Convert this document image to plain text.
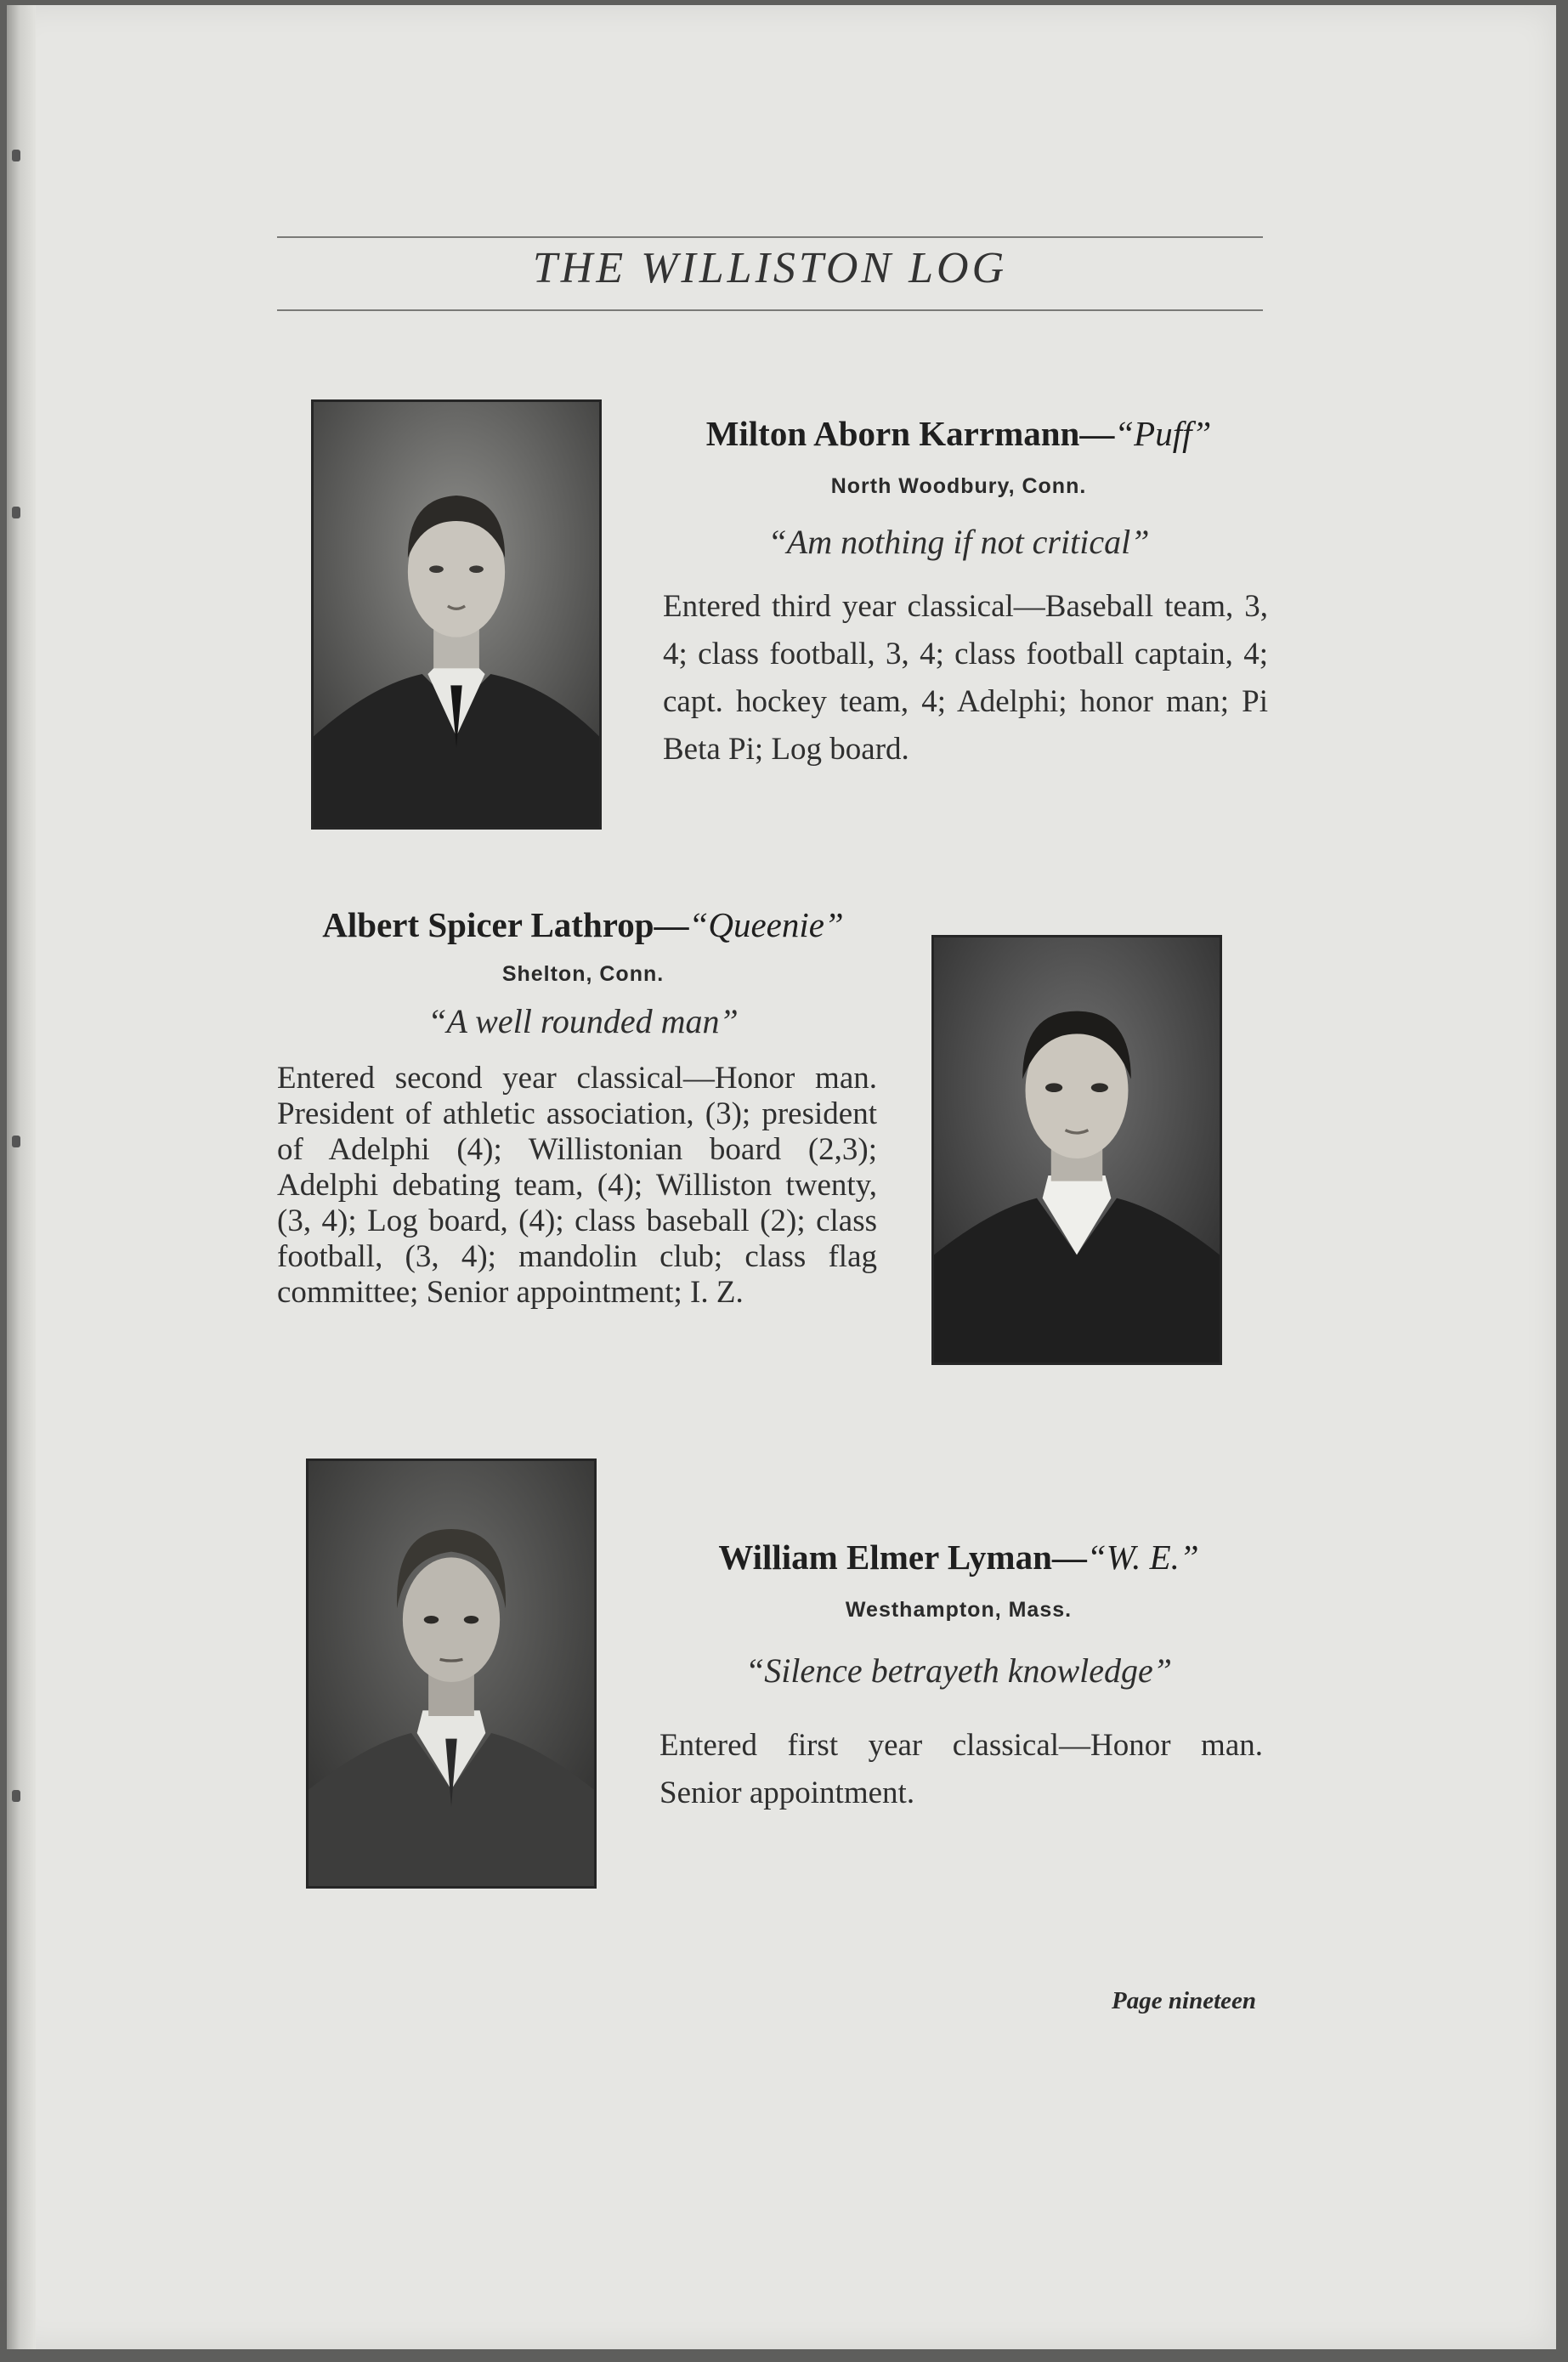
THE WILLISTON LOG
Milton Aborn Karrmann—“Puff”
North Woodbury, Conn.
“Am nothing if not critical”
Entered third year classical—Baseball team, 3, 4; class football, 3, 4; class football captain, 4; capt. hockey team, 4; Adelphi; honor man; Pi Beta Pi; Log board.
Albert Spicer Lathrop—“Queenie”
Shelton, Conn.
“A well rounded man”
Entered second year classical—Honor man. President of athletic association, (3); president of Adelphi (4); Willistonian board (2,3); Adelphi debating team, (4); Williston twenty, (3, 4); Log board, (4); class baseball (2); class football, (3, 4); mandolin club; class flag committee; Senior appointment; I. Z.
William Elmer Lyman—“W. E.”
Westhampton, Mass.
“Silence betrayeth knowledge”
Entered first year classical—Honor man. Senior appointment.
Page nineteen
